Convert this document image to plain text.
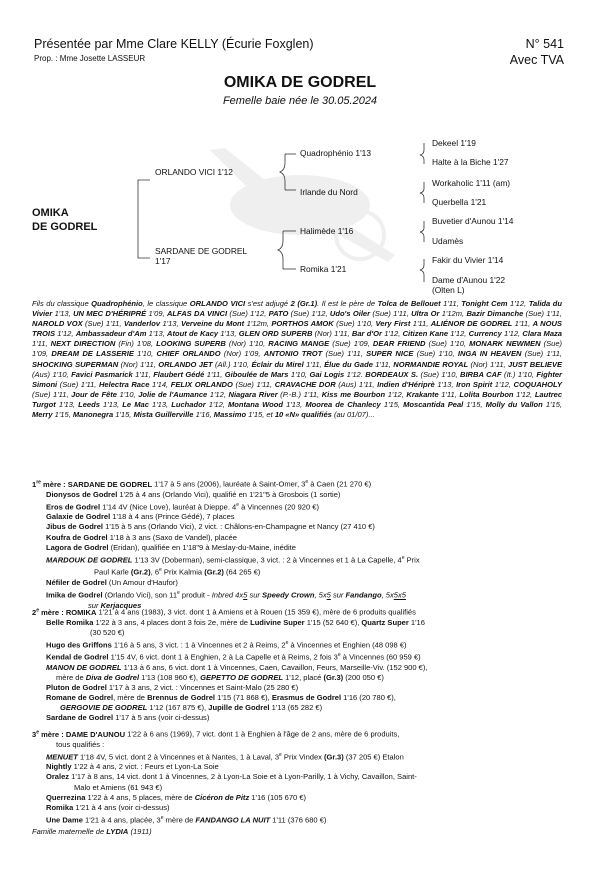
Présentée par Mme Clare KELLY (Écurie Foxglen)
Prop. : Mme Josette LASSEUR
N° 541
Avec TVA
OMIKA DE GODREL
Femelle baie née le 30.05.2024
OMIKA
DE GODREL
ORLANDO VICI 1'12
SARDANE DE GODREL
1'17
Quadrophénio 1'13
Irlande du Nord
Halimède 1'16
Romika 1'21
Dekeel 1'19
Halte à la Biche 1'27
Workaholic 1'11 (am)
Querbella 1'21
Buvetier d'Aunou 1'14
Udamès
Fakir du Vivier 1'14
Dame d'Aunou 1'22
(Olten L)
Fils du classique Quadrophénio, le classique ORLANDO VICI s'est adjugé 2 (Gr.1). Il est le père de Tolca de Bellouet 1'11, Tonight Cem 1'12, Talida du Vivier 1'13, UN MEC D'HÉRIPRÉ 1'09, ALFAS DA VINCI (Sue) 1'12, PATO (Sue) 1'12, Udo's Oiler (Sue) 1'11, Ultra Or 1'12m, Bazir Dimanche (Sue) 1'11, NAROLD VOX (Sue) 1'11, Vanderlov 1'13, Verveine du Mont 1'12m, PORTHOS AMOK (Sue) 1'10, Very First 1'11, ALIÉNOR DE GODREL 1'11, A NOUS TROIS 1'12, Ambassadeur d'Am 1'13, Atout de Kacy 1'13, GLEN ORD SUPERB (Nor) 1'11, Bar d'Or 1'12, Citizen Kane 1'12, Currency 1'12, Clara Maza 1'11, NEXT DIRECTION (Fin) 1'08, LOOKING SUPERB (Nor) 1'10, RACING MANGE (Sue) 1'09, DEAR FRIEND (Sue) 1'10, MONARK NEWMEN (Sue) 1'09, DREAM DE LASSERIE 1'10, CHIEF ORLANDO (Nor) 1'09, ANTONIO TROT (Sue) 1'11, SUPER NICE (Sue) 1'10, INGA IN HEAVEN (Sue) 1'11, SHOCKING SUPERMAN (Nor) 1'11, ORLANDO JET (All.) 1'10, Éclair du Mirel 1'11, Élue du Gade 1'11, NORMANDIE ROYAL (Nor) 1'11, JUST BELIEVE (Aus) 1'10, Favici Pasmarick 1'11, Flaubert Gédé 1'11, Giboulée de Mars 1'10, Gai Logis 1'12. BORDEAUX S. (Sue) 1'10, BIRBA CAF (It.) 1'10, Fighter Simoni (Sue) 1'11, Helectra Race 1'14, FELIX ORLANDO (Sue) 1'11, CRAVACHE DOR (Aus) 1'11, Indien d'Hériprè 1'13, Iron Spirit 1'12, COQUAHOLY (Sue) 1'11, Jour de Fête 1'10, Jolie de l'Aumance 1'12, Niagara River (P.-B.) 1'11, Kiss me Bourbon 1'12, Krakante 1'11, Lolita Bourbon 1'12, Lautrec Turgot 1'13, Leeds 1'13, Le Mac 1'13, Luchador 1'12, Montana Wood 1'13, Moorea de Chanlecy 1'15, Moscantida Peal 1'15, Molly du Vallon 1'15, Merry 1'15, Manonegra 1'15, Mista Guillerville 1'16, Massimo 1'15, et 10 «N» qualifiés (au 01/07)...

1re mère : SARDANE DE GODREL 1'17 à 5 ans (2006), lauréate à Saint-Omer, 3e à Caen (21 270 €)

Dionysos de Godrel 1'25 à 4 ans (Orlando Vici), qualifié en 1'21"5 à Grosbois (1 sortie)

Eros de Godrel 1'14 4V (Nice Love), lauréat à Dieppe. 4e à Vincennes (20 920 €)

Galaxie de Godrel 1'18 à 4 ans (Prince Gédé), 7 places

Jibus de Godrel 1'15 à 5 ans (Orlando Vici), 2 vict. : Châlons-en-Champagne et Nancy (27 410 €)

Koufra de Godrel 1'18 à 3 ans (Saxo de Vandel), placée

Lagora de Godrel (Eridan), qualifiée en 1'18"9 à Meslay-du-Maine, inédite

MARDOUK DE GODREL 1'13 3V (Doberman), semi-classique, 3 vict. : 2 à Vincennes et 1 à La Capelle, 4e Prix

Paul Karle (Gr.2), 6e Prix Kalmia (Gr.2) (64 265 €)

Néfiler de Godrel (Un Amour d'Haufor)

Imika de Godrel (Orlando Vici), son 11e produit - Inbred 4x5 sur Speedy Crown, 5x5 sur Fandango, 5x5x5

sur Kerjacques

2e mère : ROMIKA 1'21 à 4 ans (1983), 3 vict. dont 1 à Amiens et à Rouen (15 359 €), mère de 6 produits qualifiés

Belle Romika 1'22 à 3 ans, 4 places dont 3 fois 2e, mère de Ludivine Super 1'15 (52 640 €), Quartz Super 1'16

(30 520 €)

Hugo des Griffons 1'16 à 5 ans, 3 vict. : 1 à Vincennes et 2 à Reims, 2e à Vincennes et Enghien (48 098 €)

Kendal de Godrel 1'15 4V, 6 vict. dont 1 à Enghien, 2 à La Capelle et à Reims, 2 fois 3e à Vincennes (60 959 €)

MANON DE GODREL 1'13 à 6 ans, 6 vict. dont 1 à Vincennes, Caen, Cavaillon, Feurs, Marseille-Viv. (152 900 €),

mère de Diva de Godrel 1'13 (108 960 €), GEPETTO DE GODREL 1'12, placé (Gr.3) (200 050 €)

Pluton de Godrel 1'17 à 3 ans, 2 vict. : Vincennes et Saint-Malo (25 280 €)

Romane de Godrel, mère de Brennus de Godrel 1'15 (71 868 €), Erasmus de Godrel 1'16 (20 780 €),

GERGOVIE DE GODREL 1'12 (167 875 €), Jupille de Godrel 1'13 (65 282 €)

Sardane de Godrel 1'17 à 5 ans (voir ci-dessus)

3e mère : DAME D'AUNOU 1'22 à 6 ans (1969), 7 vict. dont 1 à Enghien à l'âge de 2 ans, mère de 6 produits,

tous qualifiés :

MENUET 1'18 4V, 5 vict. dont 2 à Vincennes et à Nantes, 1 à Laval, 3e Prix Vindex (Gr.3) (37 205 €) Etalon

Nightly 1'22 à 4 ans, 2 vict. : Feurs et Lyon-La Soie

Oralez 1'17 à 8 ans, 14 vict. dont 1 à Vincennes, 2 à Lyon-La Soie et à Lyon-Parilly, 1 à Vichy, Cavaillon, Saint-

Malo et Amiens (61 943 €)

Querrezina 1'22 à 4 ans, 5 places, mère de Cicéron de Pitz 1'16 (105 670 €)

Romika 1'21 à 4 ans (voir ci-dessus)

Une Dame 1'21 à 4 ans, placée, 3e mère de FANDANGO LA NUIT 1'11 (376 680 €)

Famille maternelle de LYDIA (1911)
